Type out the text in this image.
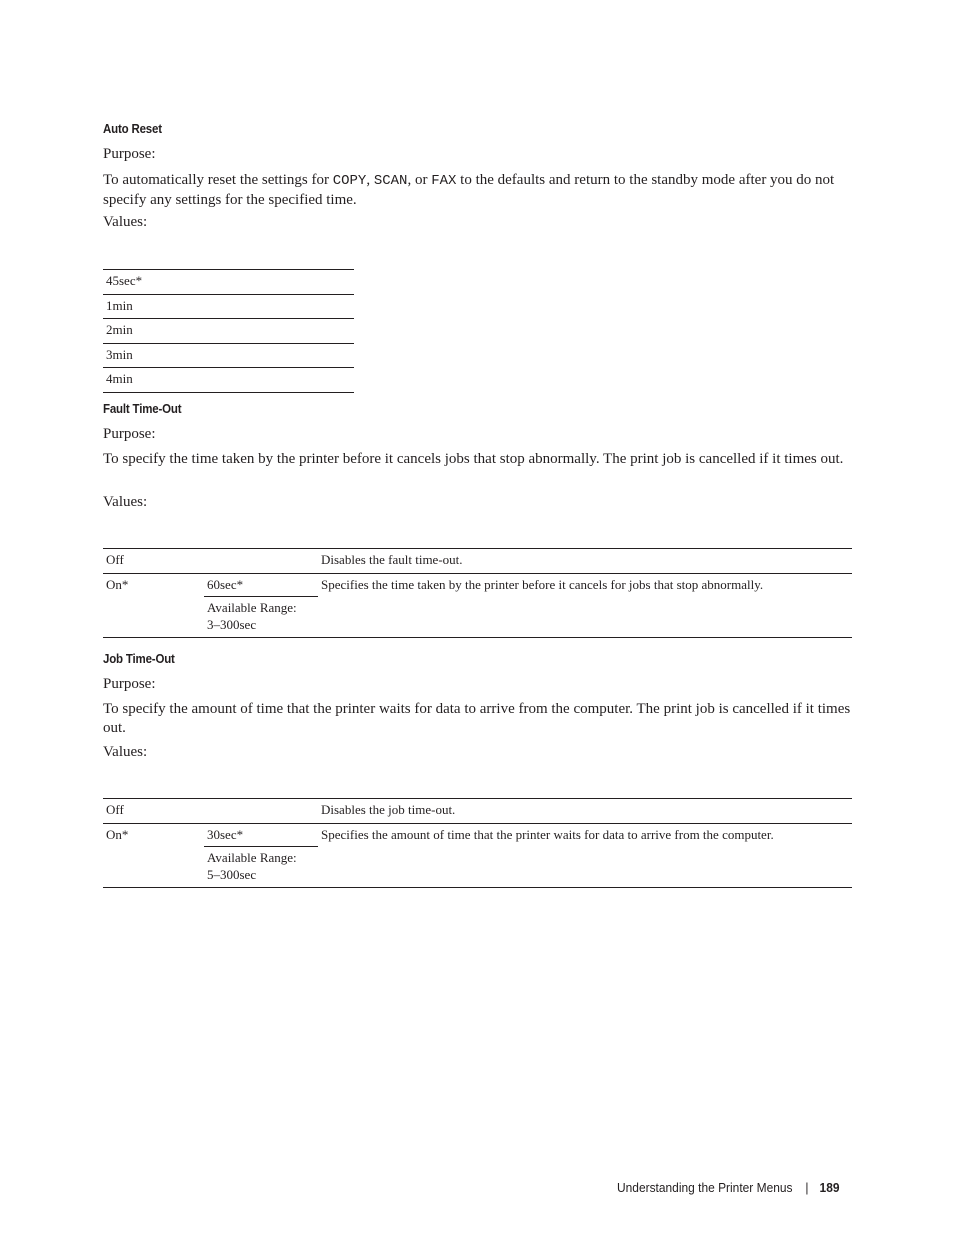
Auto Reset
Purpose:
To automatically reset the settings for COPY, SCAN, or FAX to the defaults and return to the standby mode after you do not specify any settings for the specified time.
Values:
45sec*
1min
2min
3min
4min
Fault Time-Out
Purpose:
To specify the time taken by the printer before it cancels jobs that stop abnormally. The print job is cancelled if it times out.
Values:
Off		Disables the fault time-out.
On*	60sec*	Specifies the time taken by the printer before it cancels for jobs that stop abnormally.

	Available Range:
3–300sec	
Job Time-Out
Purpose:
To specify the amount of time that the printer waits for data to arrive from the computer. The print job is cancelled if it times out.
Values:
Off		Disables the job time-out.
On*	30sec*	Specifies the amount of time that the printer waits for data to arrive from the computer.

	Available Range:
5–300sec	
Understanding the Printer Menus | 189
